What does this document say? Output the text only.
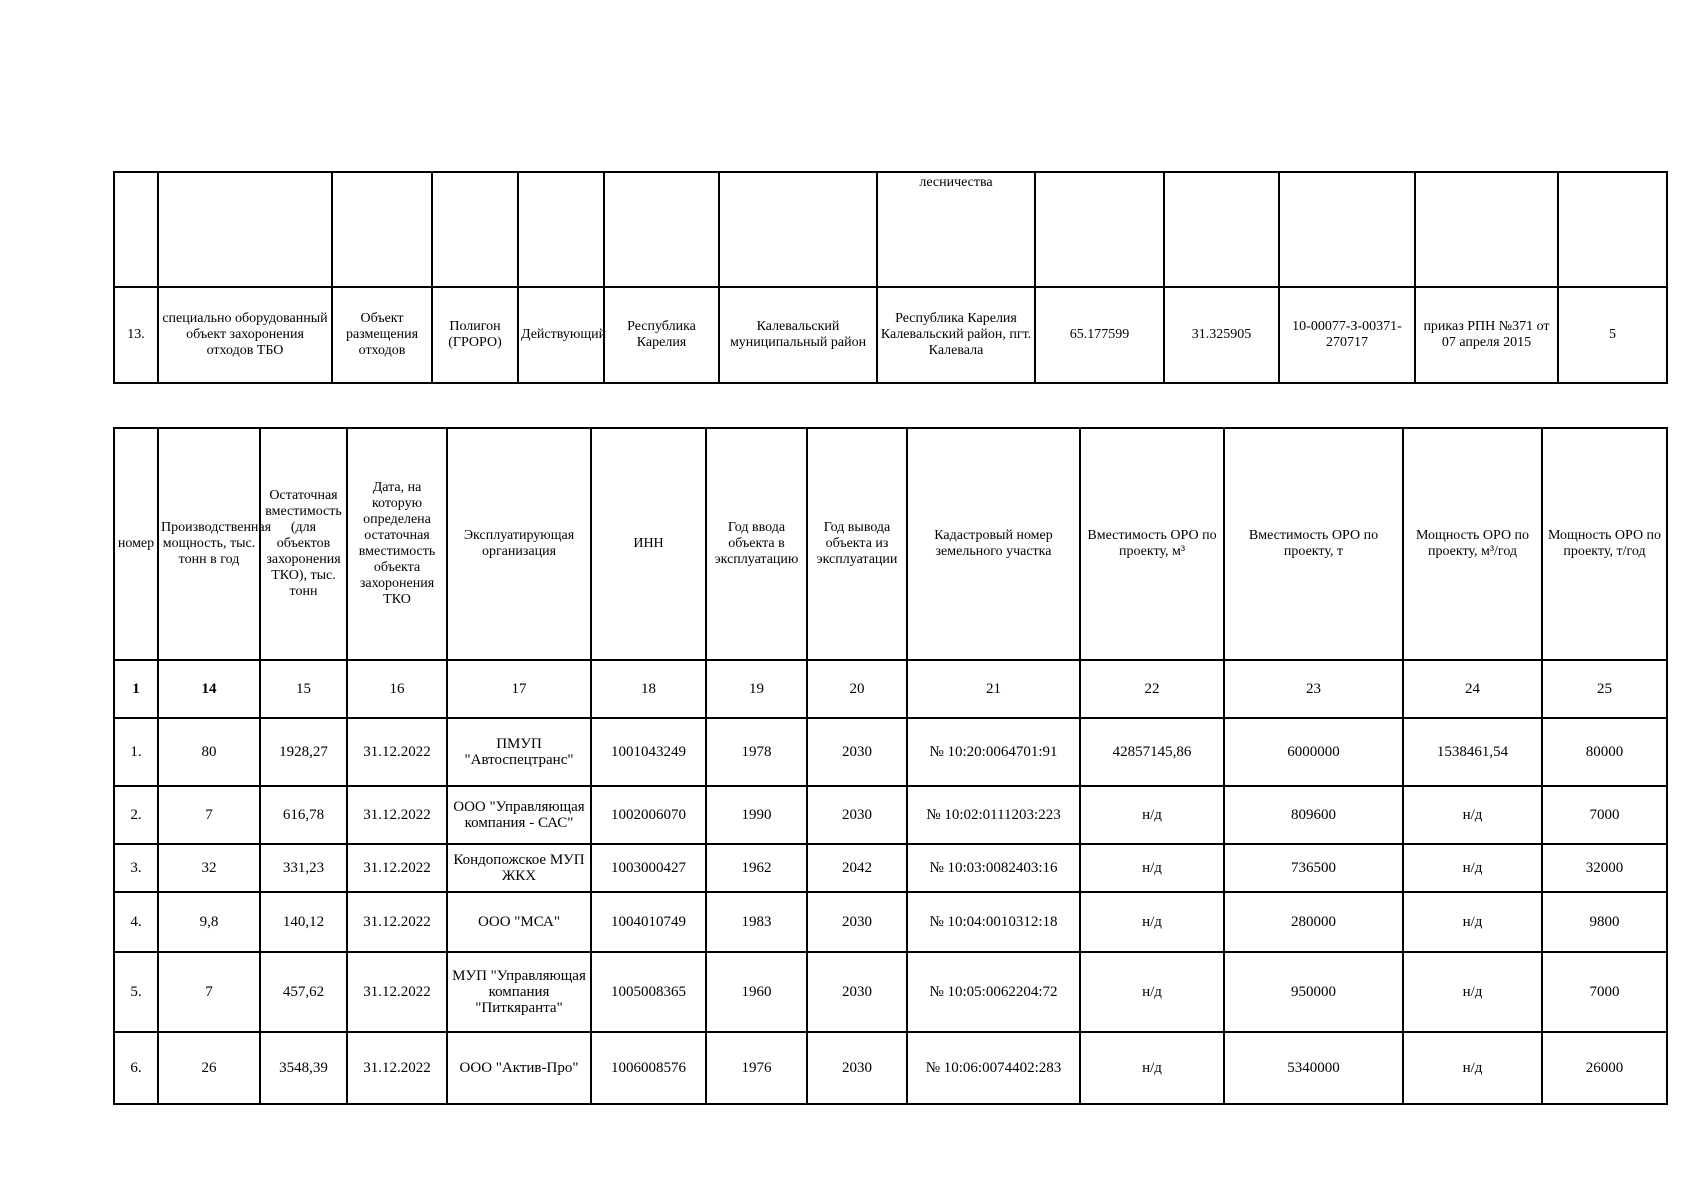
							лесничества					
13.	специально оборудованный объект захоронения отходов ТБО	Объект размещения отходов	Полигон (ГРОРО)	Действующий	Республика Карелия	Калевальский муниципальный район	Республика Карелия Калевальский район, пгт. Калевала	65.177599	31.325905	10-00077-З-00371-270717	приказ РПН №371 от 07 апреля 2015	5
номер	Производственная мощность, тыс. тонн в год	Остаточная вместимость (для объектов захоронения ТКО), тыс. тонн	Дата, на которую определена остаточная вместимость объекта захоронения ТКО	Эксплуатирующая организация	ИНН	Год ввода объекта в эксплуатацию	Год вывода объекта из эксплуатации	Кадастровый номер земельного участка	Вместимость ОРО по проекту, м³	Вместимость ОРО по проекту, т	Мощность ОРО по проекту, м³/год	Мощность ОРО по проекту, т/год
1	14	15	16	17	18	19	20	21	22	23	24	25
1.	80	1928,27	31.12.2022	ПМУП "Автоспецтранс"	1001043249	1978	2030	№ 10:20:0064701:91	42857145,86	6000000	1538461,54	80000
2.	7	616,78	31.12.2022	ООО "Управляющая компания - САС"	1002006070	1990	2030	№ 10:02:0111203:223	н/д	809600	н/д	7000
3.	32	331,23	31.12.2022	Кондопожское МУП ЖКХ	1003000427	1962	2042	№ 10:03:0082403:16	н/д	736500	н/д	32000
4.	9,8	140,12	31.12.2022	ООО "МСА"	1004010749	1983	2030	№ 10:04:0010312:18	н/д	280000	н/д	9800
5.	7	457,62	31.12.2022	МУП "Управляющая компания "Питкяранта"	1005008365	1960	2030	№ 10:05:0062204:72	н/д	950000	н/д	7000
6.	26	3548,39	31.12.2022	ООО "Актив-Про"	1006008576	1976	2030	№ 10:06:0074402:283	н/д	5340000	н/д	26000
